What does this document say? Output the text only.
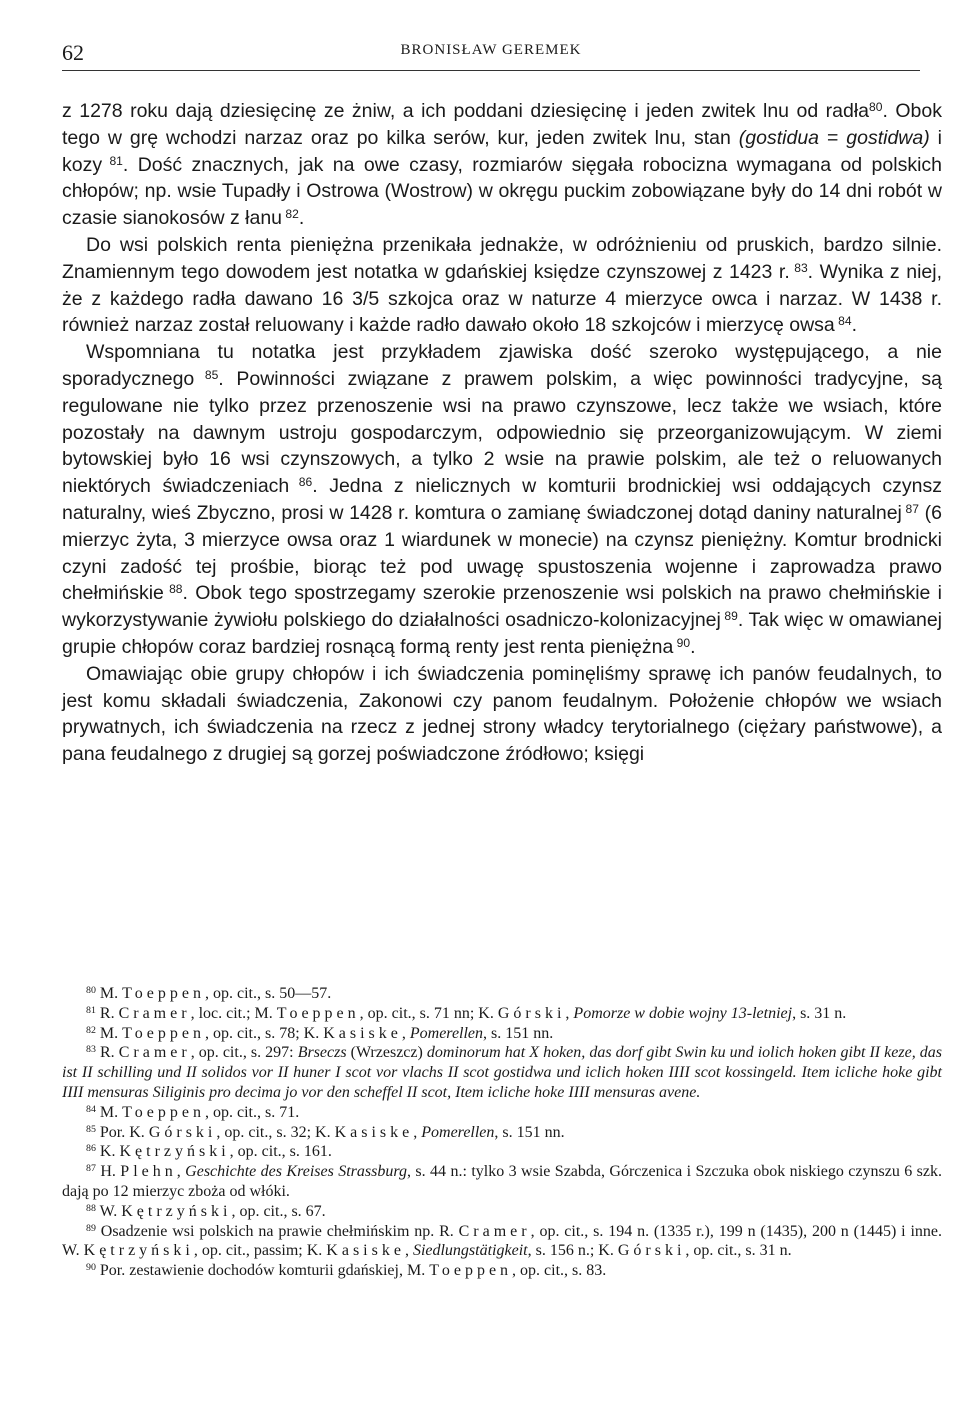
62	BRONISŁAW GEREMEK

z 1278 roku dają dziesięcinę ze żniw, a ich poddani dziesięcinę i jeden zwitek lnu od radła$^{80}$. Obok tego w grę wchodzi narzaz oraz po kilka serów, kur, jeden zwitek lnu, stan (gostidua = gostidwa) i kozy $^{81}$. Dość znacznych, jak na owe czasy, rozmiarów sięgała robocizna wymagana od polskich chłopów; np. wsie Tupadły i Ostrowa (Wostrow) w okręgu puckim zobowiązane były do 14 dni robót w czasie sianokosów z łanu $^{82}$.

Do wsi polskich renta pieniężna przenikała jednakże, w odróżnieniu od pruskich, bardzo silnie. Znamiennym tego dowodem jest notatka w gdańskiej księdze czynszowej z 1423 r. $^{83}$. Wynika z niej, że z każdego radła dawano 16 3/5 szkojca oraz w naturze 4 mierzyce owca i narzaz. W 1438 r. również narzaz został reluowany i każde radło dawało około 18 szkojców i mierzycę owsa $^{84}$.

Wspomniana tu notatka jest przykładem zjawiska dość szeroko występującego, a nie sporadycznego $^{85}$. Powinności związane z prawem polskim, a więc powinności tradycyjne, są regulowane nie tylko przez przenoszenie wsi na prawo czynszowe, lecz także we wsiach, które pozostały na dawnym ustroju gospodarczym, odpowiednio się przeorganizowującym. W ziemi bytowskiej było 16 wsi czynszowych, a tylko 2 wsie na prawie polskim, ale też o reluowanych niektórych świadczeniach $^{86}$. Jedna z nielicznych w komturii brodnickiej wsi oddających czynsz naturalny, wieś Zbyczno, prosi w 1428 r. komtura o zamianę świadczonej dotąd daniny naturalnej $^{87}$ (6 mierzyc żyta, 3 mierzyce owsa oraz 1 wiardunek w monecie) na czynsz pieniężny. Komtur brodnicki czyni zadość tej prośbie, biorąc też pod uwagę spustoszenia wojenne i zaprowadza prawo chełmińskie $^{88}$. Obok tego spostrzegamy szerokie przenoszenie wsi polskich na prawo chełmińskie i wykorzystywanie żywiołu polskiego do działalności osadniczo-kolonizacyjnej $^{89}$. Tak więc w omawianej grupie chłopów coraz bardziej rosnącą formą renty jest renta pieniężna $^{90}$.

Omawiając obie grupy chłopów i ich świadczenia pominęliśmy sprawę ich panów feudalnych, to jest komu składali świadczenia, Zakonowi czy panom feudalnym. Położenie chłopów we wsiach prywatnych, ich świadczenia na rzecz z jednej strony władcy terytorialnego (ciężary państwowe), a pana feudalnego z drugiej są gorzej poświadczone źródłowo; księgi

$^{80}$ M. Toeppen, op. cit., s. 50—57.

$^{81}$ R. Cramer, loc. cit.; M. Toeppen, op. cit., s. 71 nn; K. Górski, Pomorze w dobie wojny 13-letniej, s. 31 n.

$^{82}$ M. Toeppen, op. cit., s. 78; K. Kasiske, Pomerellen, s. 151 nn.

$^{83}$ R. Cramer, op. cit., s. 297: Brseczs (Wrzeszcz) dominorum hat X hoken, das dorf gibt Swin ku und iolich hoken gibt II keze, das ist II schilling und II solidos vor II huner I scot vor vlachs II scot gostidwa und iclich hoken IIII scot kossingeld. Item icliche hoke gibt IIII mensuras Siliginis pro decima jo vor den scheffel II scot, Item icliche hoke IIII mensuras avene.

$^{84}$ M. Toeppen, op. cit., s. 71.

$^{85}$ Por. K. Górski, op. cit., s. 32; K. Kasiske, Pomerellen, s. 151 nn.

$^{86}$ K. Kętrzyński, op. cit., s. 161.

$^{87}$ H. Plehn, Geschichte des Kreises Strassburg, s. 44 n.: tylko 3 wsie Szabda, Górczenica i Szczuka obok niskiego czynszu 6 szk. dają po 12 mierzyc zboża od włóki.

$^{88}$ W. Kętrzyński, op. cit., s. 67.

$^{89}$ Osadzenie wsi polskich na prawie chełmińskim np. R. Cramer, op. cit., s. 194 n. (1335 r.), 199 n (1435), 200 n (1445) i inne. W. Kętrzyński, op. cit., passim; K. Kasiske, Siedlungstätigkeit, s. 156 n.; K. Górski, op. cit., s. 31 n.

$^{90}$ Por. zestawienie dochodów komturii gdańskiej, M. Toeppen, op. cit., s. 83.
